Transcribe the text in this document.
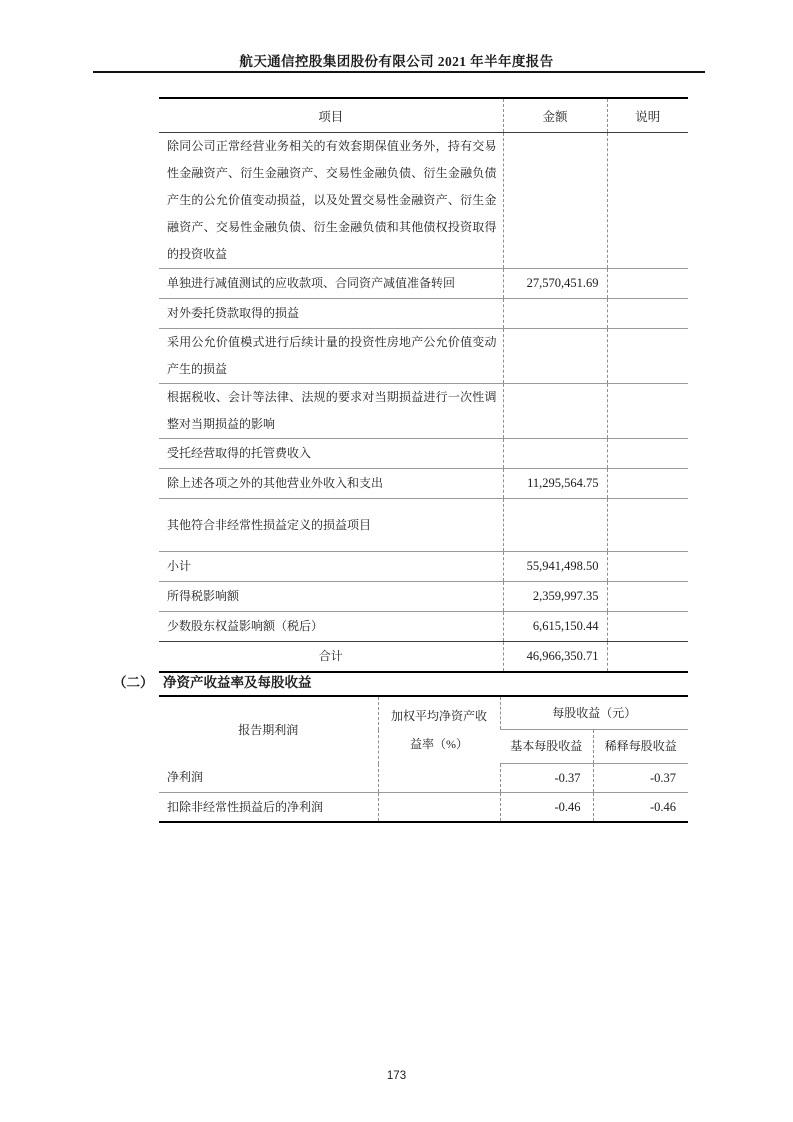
航天通信控股集团股份有限公司 2021 年半年度报告
项目	金额	说明
除同公司正常经营业务相关的有效套期保值业务外，持有交易性金融资产、衍生金融资产、交易性金融负债、衍生金融负债产生的公允价值变动损益，以及处置交易性金融资产、衍生金融资产、交易性金融负债、衍生金融负债和其他债权投资取得的投资收益		
单独进行减值测试的应收款项、合同资产减值准备转回	27,570,451.69	
对外委托贷款取得的损益		
采用公允价值模式进行后续计量的投资性房地产公允价值变动产生的损益		
根据税收、会计等法律、法规的要求对当期损益进行一次性调整对当期损益的影响		
受托经营取得的托管费收入		
除上述各项之外的其他营业外收入和支出	11,295,564.75	
其他符合非经常性损益定义的损益项目		
小计	55,941,498.50	
所得税影响额	2,359,997.35	
少数股东权益影响额（税后）	6,615,150.44	
合计	46,966,350.71	
（二） 净资产收益率及每股收益
报告期利润	加权平均净资产收益率（%）	每股收益（元）	
		基本每股收益	稀释每股收益
净利润		-0.37	-0.37
扣除非经常性损益后的净利润		-0.46	-0.46
173
